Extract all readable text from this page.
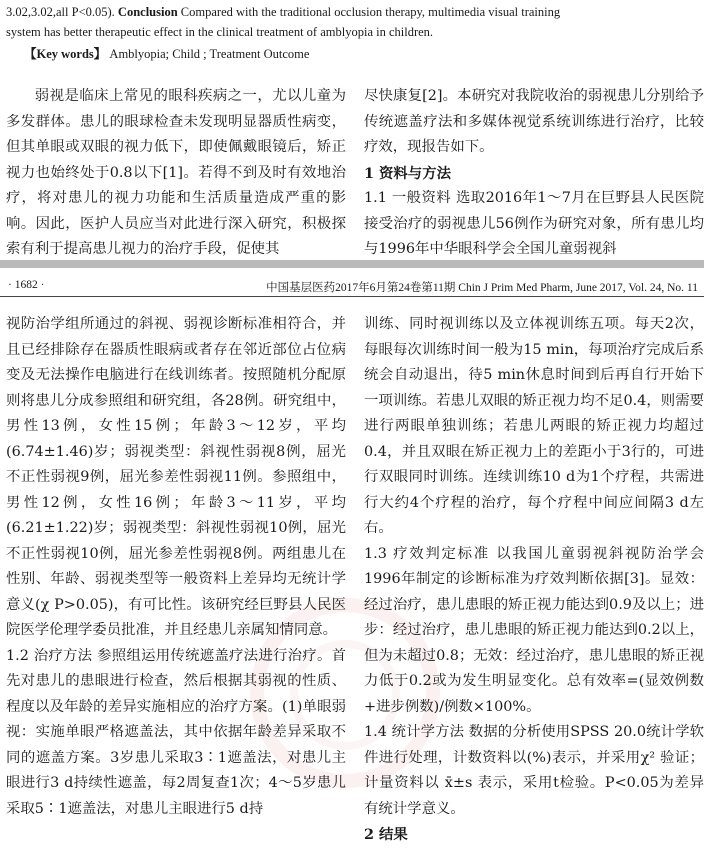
3.02,3.02,all P<0.05). Conclusion Compared with the traditional occlusion therapy, multimedia visual training
system has better therapeutic effect in the clinical treatment of amblyopia in children.
【Key words】 Amblyopia; Child ; Treatment Outcome

弱视是临床上常见的眼科疾病之一，尤以儿童为多发群体。患儿的眼球检查未发现明显器质性病变，但其单眼或双眼的视力低下，即使佩戴眼镜后，矫正视力也始终处于0.8以下[1]。若得不到及时有效地治疗，将对患儿的视力功能和生活质量造成严重的影响。因此，医护人员应当对此进行深入研究，积极探索有利于提高患儿视力的治疗手段，促使其

尽快康复[2]。本研究对我院收治的弱视患儿分别给予传统遮盖疗法和多媒体视觉系统训练进行治疗，比较疗效，现报告如下。

1 资料与方法

1.1 一般资料 选取2016年1～7月在巨野县人民医院接受治疗的弱视患儿56例作为研究对象，所有患儿均与1996年中华眼科学会全国儿童弱视斜

· 1682 ·	中国基层医药2017年6月第24卷第11期 Chin J Prim Med Pharm, June 2017, Vol. 24, No. 11

视防治学组所通过的斜视、弱视诊断标准相符合，并且已经排除存在器质性眼病或者存在邻近部位占位病变及无法操作电脑进行在线训练者。按照随机分配原则将患儿分成参照组和研究组，各28例。研究组中，男性13例，女性15例；年龄3～12岁，平均(6.74±1.46)岁；弱视类型：斜视性弱视8例，屈光不正性弱视9例，屈光参差性弱视11例。参照组中，男性12例，女性16例；年龄3～11岁，平均(6.21±1.22)岁；弱视类型：斜视性弱视10例，屈光不正性弱视10例，屈光参差性弱视8例。两组患儿在性别、年龄、弱视类型等一般资料上差异均无统计学意义(χ P>0.05)，有可比性。该研究经巨野县人民医院医学伦理学委员批准，并且经患儿亲属知情同意。

1.2 治疗方法 参照组运用传统遮盖疗法进行治疗。首先对患儿的患眼进行检查，然后根据其弱视的性质、程度以及年龄的差异实施相应的治疗方案。(1)单眼弱视：实施单眼严格遮盖法，其中依据年龄差异采取不同的遮盖方案。3岁患儿采取3∶1遮盖法，对患儿主眼进行3 d持续性遮盖，每2周复查1次；4～5岁患儿采取5∶1遮盖法，对患儿主眼进行5 d持

训练、同时视训练以及立体视训练五项。每天2次，每眼每次训练时间一般为15 min，每项治疗完成后系统会自动退出，待5 min休息时间到后再自行开始下一项训练。若患儿双眼的矫正视力均不足0.4，则需要进行两眼单独训练；若患儿两眼的矫正视力均超过0.4，并且双眼在矫正视力上的差距小于3行的，可进行双眼同时训练。连续训练10 d为1个疗程，共需进行大约4个疗程的治疗，每个疗程中间应间隔3 d左右。

1.3 疗效判定标准 以我国儿童弱视斜视防治学会1996年制定的诊断标准为疗效判断依据[3]。显效：经过治疗，患儿患眼的矫正视力能达到0.9及以上；进步：经过治疗，患儿患眼的矫正视力能达到0.2以上，但为未超过0.8；无效：经过治疗，患儿患眼的矫正视力低于0.2或为发生明显变化。总有效率=(显效例数+进步例数)/例数×100%。

1.4 统计学方法 数据的分析使用SPSS 20.0统计学软件进行处理，计数资料以(%)表示，并采用χ² 验证；计量资料以 x̄±s 表示，采用t检验。P<0.05为差异有统计学意义。

2 结果
